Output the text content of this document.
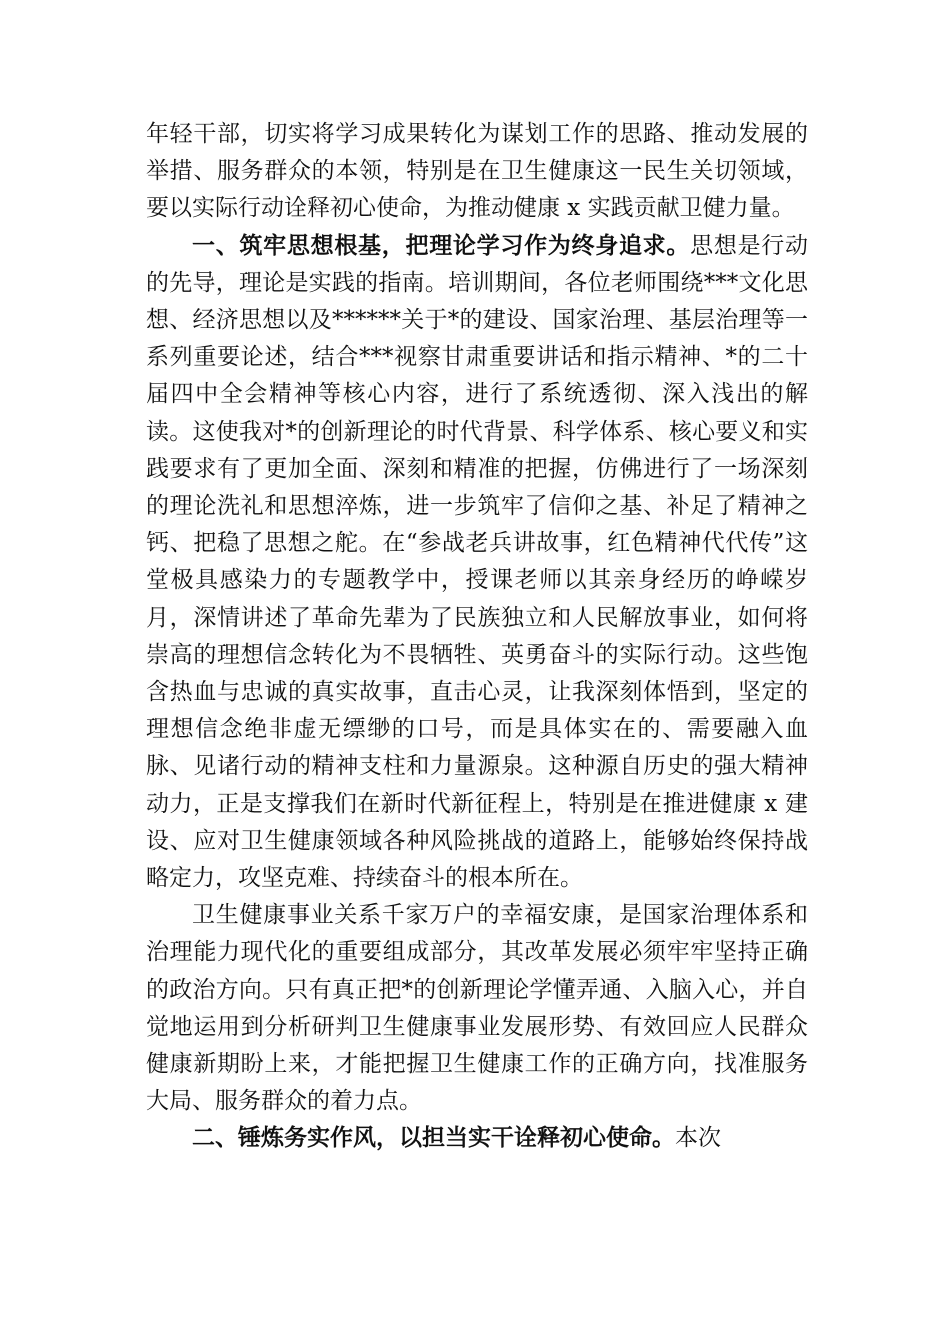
年轻干部，切实将学习成果转化为谋划工作的思路、推动发展的举措、服务群众的本领，特别是在卫生健康这一民生关切领域，要以实际行动诠释初心使命，为推动健康 x 实践贡献卫健力量。

一、筑牢思想根基，把理论学习作为终身追求。思想是行动的先导，理论是实践的指南。培训期间，各位老师围绕***文化思想、经济思想以及******关于*的建设、国家治理、基层治理等一系列重要论述，结合***视察甘肃重要讲话和指示精神、*的二十届四中全会精神等核心内容，进行了系统透彻、深入浅出的解读。这使我对*的创新理论的时代背景、科学体系、核心要义和实践要求有了更加全面、深刻和精准的把握，仿佛进行了一场深刻的理论洗礼和思想淬炼，进一步筑牢了信仰之基、补足了精神之钙、把稳了思想之舵。在“参战老兵讲故事，红色精神代代传”这堂极具感染力的专题教学中，授课老师以其亲身经历的峥嵘岁月，深情讲述了革命先辈为了民族独立和人民解放事业，如何将崇高的理想信念转化为不畏牺牲、英勇奋斗的实际行动。这些饱含热血与忠诚的真实故事，直击心灵，让我深刻体悟到，坚定的理想信念绝非虚无缥缈的口号，而是具体实在的、需要融入血脉、见诸行动的精神支柱和力量源泉。这种源自历史的强大精神动力，正是支撑我们在新时代新征程上，特别是在推进健康 x 建设、应对卫生健康领域各种风险挑战的道路上，能够始终保持战略定力，攻坚克难、持续奋斗的根本所在。

卫生健康事业关系千家万户的幸福安康，是国家治理体系和治理能力现代化的重要组成部分，其改革发展必须牢牢坚持正确的政治方向。只有真正把*的创新理论学懂弄通、入脑入心，并自觉地运用到分析研判卫生健康事业发展形势、有效回应人民群众健康新期盼上来，才能把握卫生健康工作的正确方向，找准服务大局、服务群众的着力点。

二、锤炼务实作风，以担当实干诠释初心使命。本次
